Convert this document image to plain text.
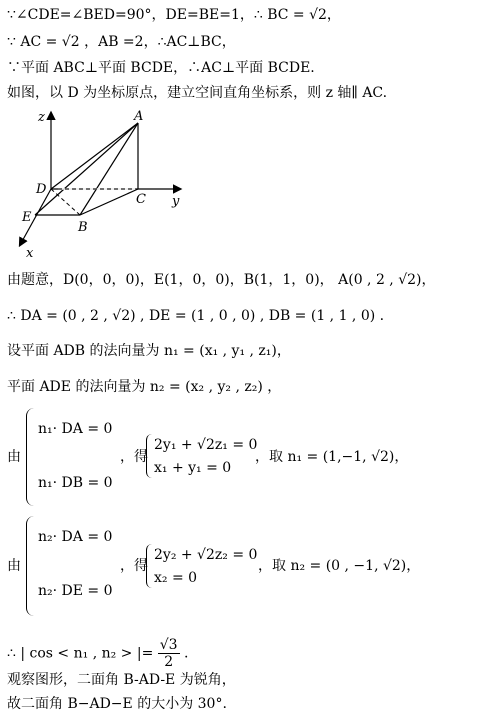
∵∠CDE=∠BED=90°，DE=BE=1，∴ BC = √2，
∵ AC = √2 ，AB =2，∴AC⊥BC，
∵平面 ABC⊥平面 BCDE，∴AC⊥平面 BCDE.
如图，以 D 为坐标原点，建立空间直角坐标系，则 z 轴∥ AC.
z	A
D
C y
E
B
x
由题意，D(0，0，0)，E(1，0，0)，B(1，1，0)， A(0 , 2 , √2)，
∴ DA = (0 , 2 , √2) , DE = (1 , 0 , 0) , DB = (1 , 1 , 0) .
设平面 ADB 的法向量为 n₁ = (x₁ , y₁ , z₁)，
平面 ADE 的法向量为 n₂ = (x₂ , y₂ , z₂) ，
由
n₁· DA = 0
n₁· DB = 0
，得
2y₁ + √2z₁ = 0
x₁ + y₁ = 0
，取 n₁ = (1,−1, √2)，
由
n₂· DA = 0
n₂· DE = 0
，得
2y₂ + √2z₂ = 0
x₂ = 0
，取 n₂ = (0 , −1, √2)，
∴ | cos < n₁ , n₂ > |= $\frac{√3}{2}$ .
观察图形，二面角 B-AD-E 为锐角，
故二面角 B−AD−E 的大小为 30°.
